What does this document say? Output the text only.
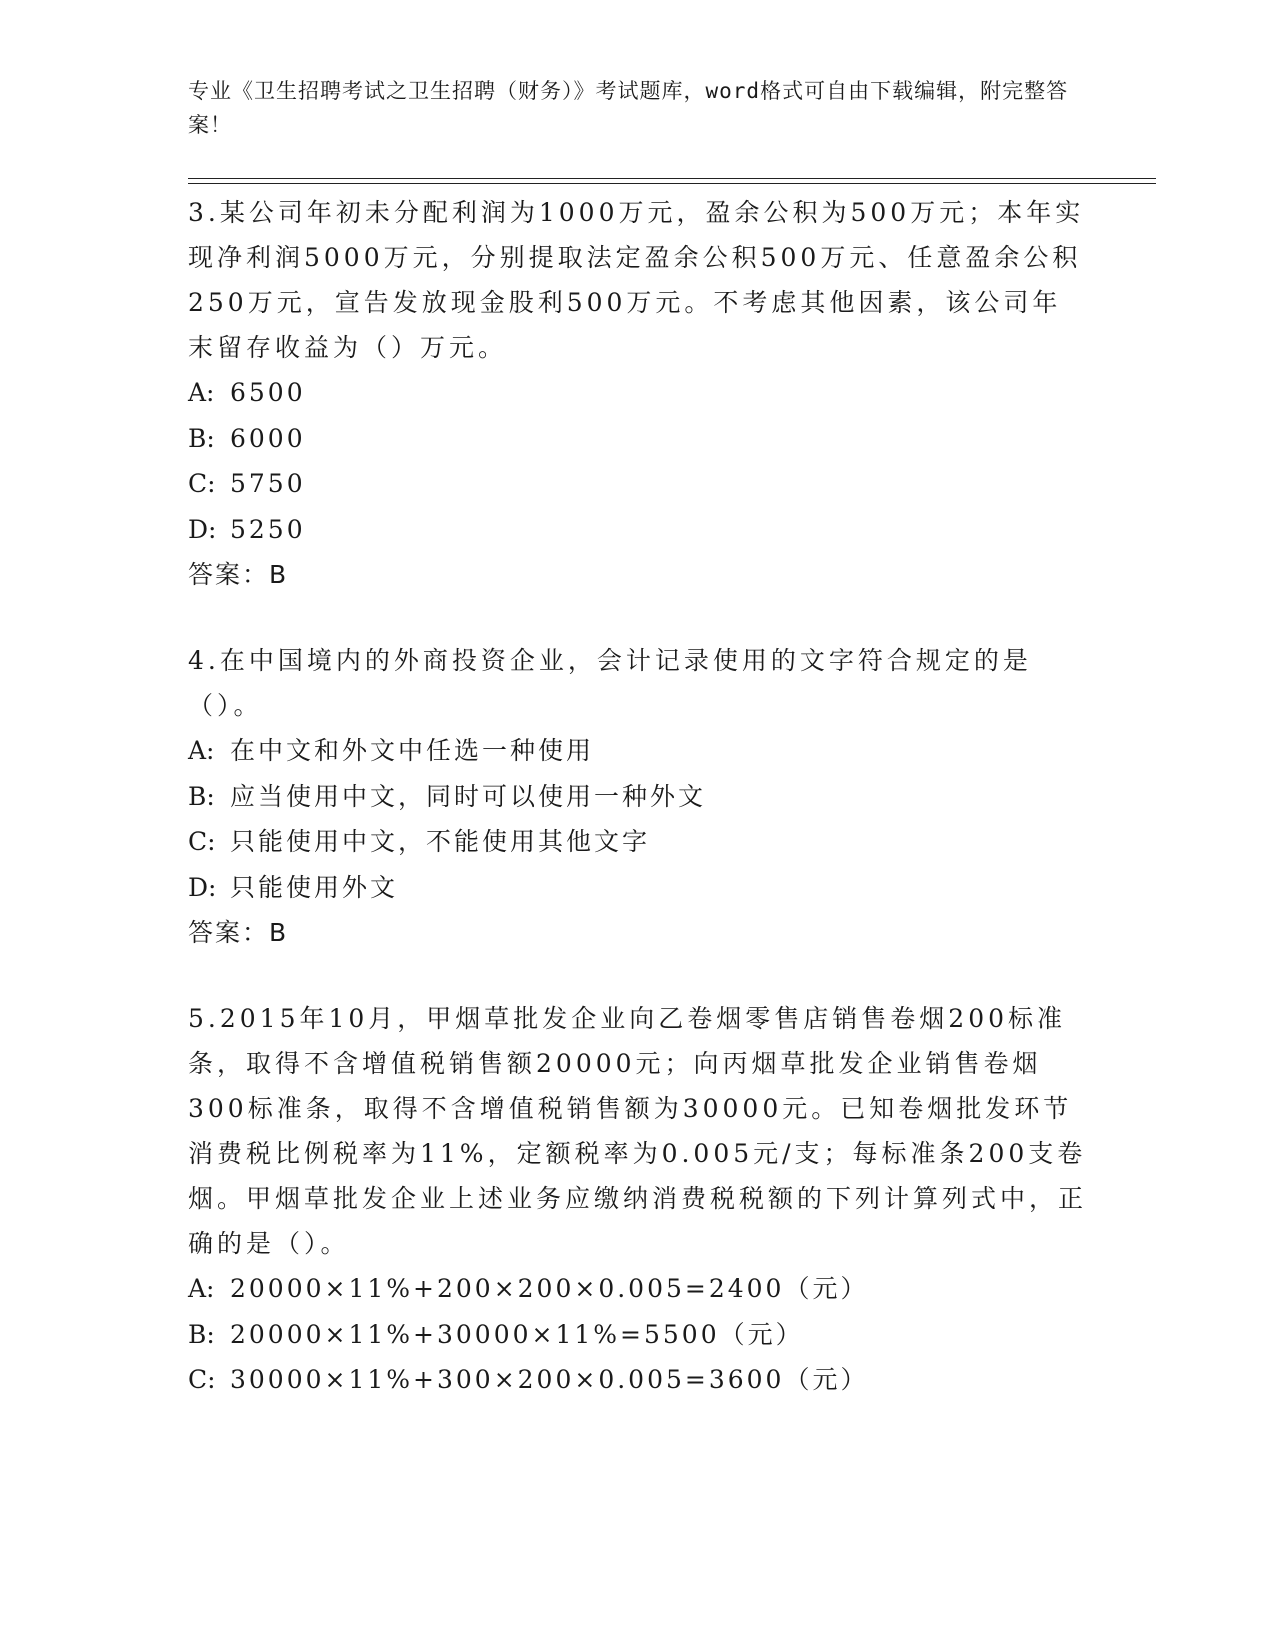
专业《卫生招聘考试之卫生招聘（财务）》考试题库，word格式可自由下载编辑，附完整答案！

3.某公司年初未分配利润为1000万元，盈余公积为500万元；本年实现净利润5000万元，分别提取法定盈余公积500万元、任意盈余公积250万元，宣告发放现金股利500万元。不考虑其他因素，该公司年末留存收益为（）万元。

A: 6500

B: 6000

C: 5750

D: 5250

答案：B

4.在中国境内的外商投资企业，会计记录使用的文字符合规定的是（）。

A: 在中文和外文中任选一种使用

B: 应当使用中文，同时可以使用一种外文

C: 只能使用中文，不能使用其他文字

D: 只能使用外文

答案：B

5.2015年10月，甲烟草批发企业向乙卷烟零售店销售卷烟200标准条，取得不含增值税销售额20000元；向丙烟草批发企业销售卷烟300标准条，取得不含增值税销售额为30000元。已知卷烟批发环节消费税比例税率为11%，定额税率为0.005元/支；每标准条200支卷烟。甲烟草批发企业上述业务应缴纳消费税税额的下列计算列式中，正确的是（）。

A: 20000×11%+200×200×0.005=2400（元）

B: 20000×11%+30000×11%=5500（元）

C: 30000×11%+300×200×0.005=3600（元）
